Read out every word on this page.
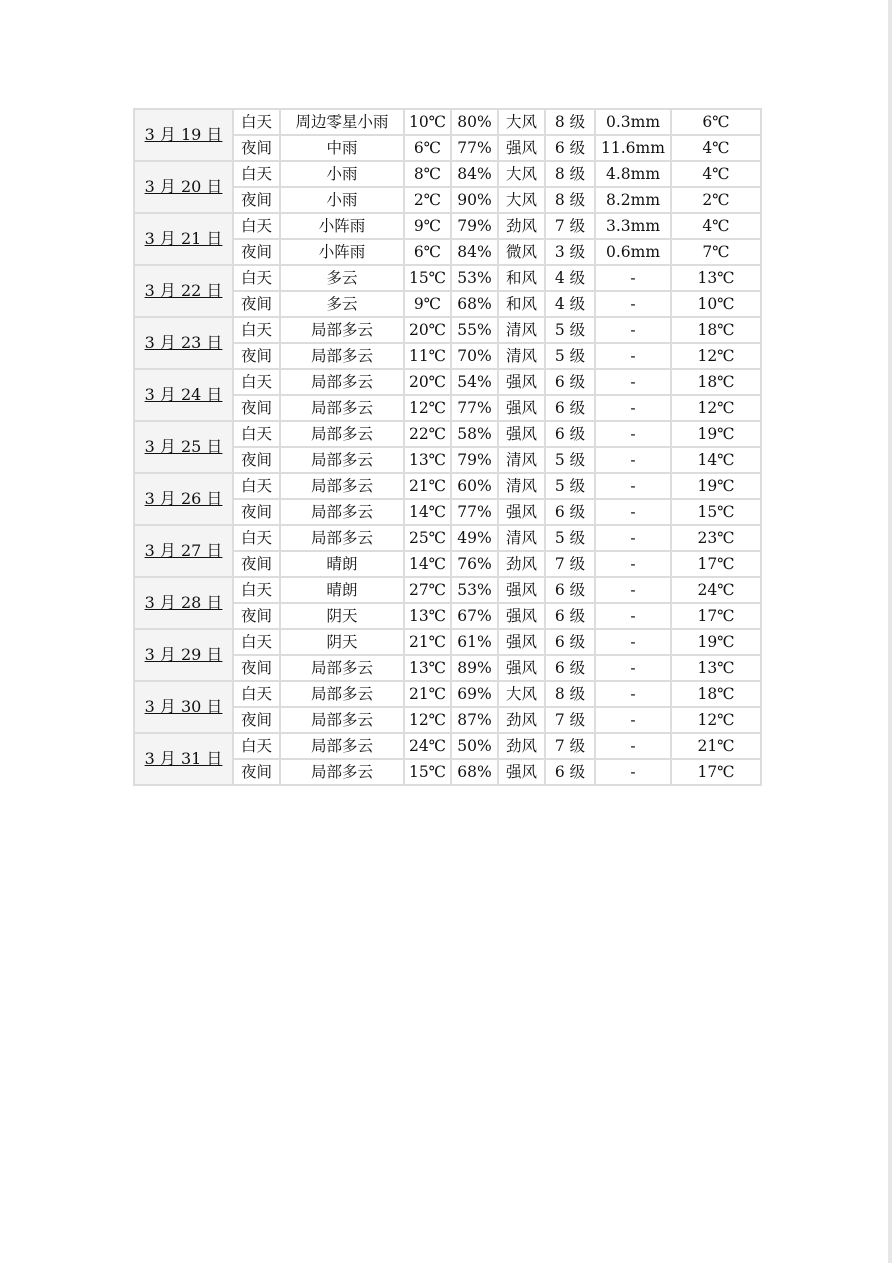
3 月 19 日	白天	周边零星小雨	10℃	80%	大风	8 级	0.3mm	6℃
	夜间	中雨	6℃	77%	强风	6 级	11.6mm	4℃
3 月 20 日	白天	小雨	8℃	84%	大风	8 级	4.8mm	4℃
	夜间	小雨	2℃	90%	大风	8 级	8.2mm	2℃
3 月 21 日	白天	小阵雨	9℃	79%	劲风	7 级	3.3mm	4℃
	夜间	小阵雨	6℃	84%	微风	3 级	0.6mm	7℃
3 月 22 日	白天	多云	15℃	53%	和风	4 级	-	13℃
	夜间	多云	9℃	68%	和风	4 级	-	10℃
3 月 23 日	白天	局部多云	20℃	55%	清风	5 级	-	18℃
	夜间	局部多云	11℃	70%	清风	5 级	-	12℃
3 月 24 日	白天	局部多云	20℃	54%	强风	6 级	-	18℃
	夜间	局部多云	12℃	77%	强风	6 级	-	12℃
3 月 25 日	白天	局部多云	22℃	58%	强风	6 级	-	19℃
	夜间	局部多云	13℃	79%	清风	5 级	-	14℃
3 月 26 日	白天	局部多云	21℃	60%	清风	5 级	-	19℃
	夜间	局部多云	14℃	77%	强风	6 级	-	15℃
3 月 27 日	白天	局部多云	25℃	49%	清风	5 级	-	23℃
	夜间	晴朗	14℃	76%	劲风	7 级	-	17℃
3 月 28 日	白天	晴朗	27℃	53%	强风	6 级	-	24℃
	夜间	阴天	13℃	67%	强风	6 级	-	17℃
3 月 29 日	白天	阴天	21℃	61%	强风	6 级	-	19℃
	夜间	局部多云	13℃	89%	强风	6 级	-	13℃
3 月 30 日	白天	局部多云	21℃	69%	大风	8 级	-	18℃
	夜间	局部多云	12℃	87%	劲风	7 级	-	12℃
3 月 31 日	白天	局部多云	24℃	50%	劲风	7 级	-	21℃
	夜间	局部多云	15℃	68%	强风	6 级	-	17℃
